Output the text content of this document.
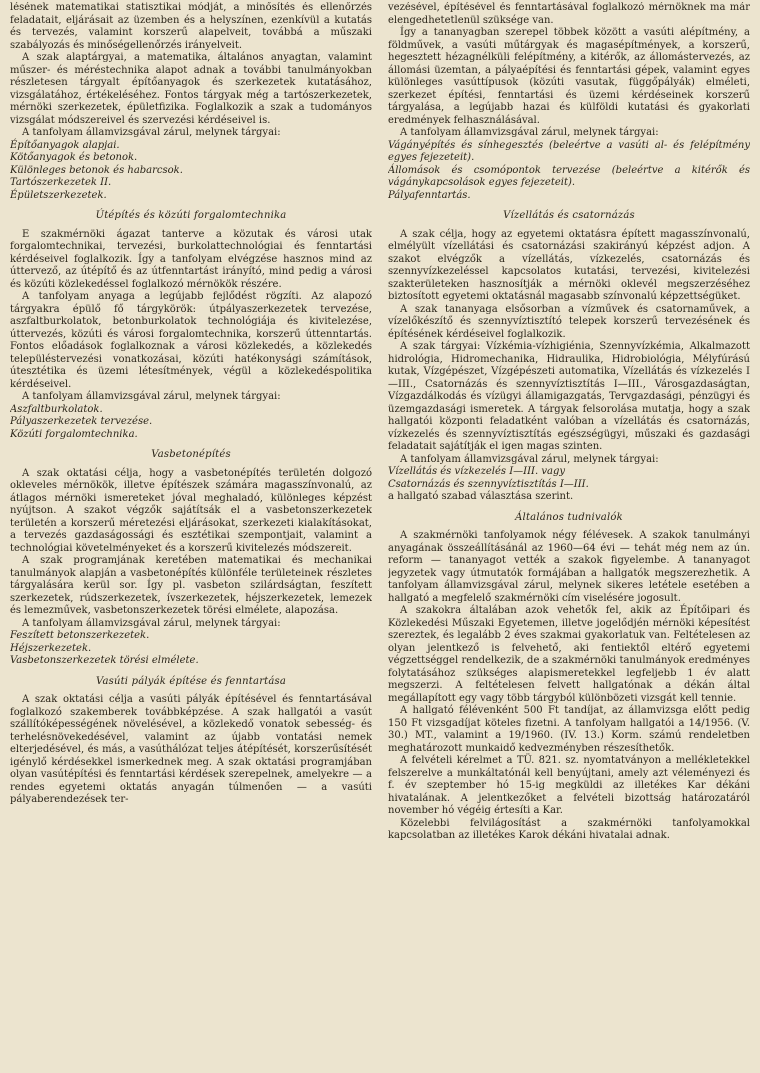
lésének matematikai statisztikai módját, a minősítés és ellenőrzés feladatait, eljárásait az üzemben és a helyszínen, ezenkívül a kutatás és tervezés, valamint korszerű alapelveit, továbbá a műszaki szabályozás és minőségellenőrzés irányelveit.

A szak alaptárgyai, a matematika, általános anyagtan, valamint műszer- és méréstechnika alapot adnak a további tanulmányokban részletesen tárgyalt építőanyagok és szerkezetek kutatásához, vizsgálatához, értékeléséhez. Fontos tárgyak még a tartószerkezetek, mérnöki szerkezetek, épületfizika. Foglalkozik a szak a tudományos vizsgálat módszereivel és szervezési kérdéseivel is.

A tanfolyam államvizsgával zárul, melynek tárgyai:

Építőanyagok alapjai.

Kötőanyagok és betonok.

Különleges betonok és habarcsok.

Tartószerkezetek II.

Épületszerkezetek.

Útépítés és közúti forgalomtechnika

E szakmérnöki ágazat tanterve a közutak és városi utak forgalomtechnikai, tervezési, burkolattechnológiai és fenntartási kérdéseivel foglalkozik. Így a tanfolyam elvégzése hasznos mind az úttervező, az útépítő és az útfenntartást irányító, mind pedig a városi és közúti közlekedéssel foglalkozó mérnökök részére.

A tanfolyam anyaga a legújabb fejlődést rögzíti. Az alapozó tárgyakra épülő fő tárgykörök: útpályaszerkezetek tervezése, aszfaltburkolatok, betonburkolatok technológiája és kivitelezése, úttervezés, közúti és városi forgalomtechnika, korszerű úttenntartás. Fontos előadások foglalkoznak a városi közlekedés, a közlekedés településtervezési vonatkozásai, közúti hatékonysági számítások, útesztétika és üzemi létesítmények, végül a közlekedéspolitika kérdéseivel.

A tanfolyam államvizsgával zárul, melynek tárgyai:

Aszfaltburkolatok.

Pályaszerkezetek tervezése.

Közúti forgalomtechnika.

Vasbetonépítés

A szak oktatási célja, hogy a vasbetonépítés területén dolgozó okleveles mérnökök, illetve építészek számára magasszínvonalú, az átlagos mérnöki ismereteket jóval meghaladó, különleges képzést nyújtson. A szakot végzők sajátítsák el a vasbetonszerkezetek területén a korszerű méretezési eljárásokat, szerkezeti kialakításokat, a tervezés gazdaságossági és esztétikai szempontjait, valamint a technológiai követelményeket és a korszerű kivitelezés módszereit.

A szak programjának keretében matematikai és mechanikai tanulmányok alapján a vasbetonépítés különféle területeinek részletes tárgyalására kerül sor. Így pl. vasbeton szilárdságtan, feszített szerkezetek, rúdszerkezetek, ívszerkezetek, héjszerkezetek, lemezek és lemezművek, vasbetonszerkezetek törési elmélete, alapozása.

A tanfolyam államvizsgával zárul, melynek tárgyai:

Feszített betonszerkezetek.

Héjszerkezetek.

Vasbetonszerkezetek törési elmélete.

Vasúti pályák építése és fenntartása

A szak oktatási célja a vasúti pályák építésével és fenntartásával foglalkozó szakemberek továbbképzése. A szak hallgatói a vasút szállítóképességének növelésével, a közlekedő vonatok sebesség- és terhelésnövekedésével, valamint az újabb vontatási nemek elterjedésével, és más, a vasúthálózat teljes átépítését, korszerűsítését igénylő kérdésekkel ismerkednek meg. A szak oktatási programjában olyan vasútépítési és fenntartási kérdések szerepelnek, amelyekre — a rendes egyetemi oktatás anyagán túlmenően — a vasúti pályaberendezések ter-

vezésével, építésével és fenntartásával foglalkozó mérnöknek ma már elengedhetetlenül szüksége van.

Így a tananyagban szerepel többek között a vasúti alépítmény, a földművek, a vasúti műtárgyak és magasépítmények, a korszerű, hegesztett hézagnélküli felépítmény, a kitérők, az állomástervezés, az állomási üzemtan, a pályaépítési és fenntartási gépek, valamint egyes különleges vasúttípusok (közúti vasutak, függőpályák) elméleti, szerkezet építési, fenntartási és üzemi kérdéseinek korszerű tárgyalása, a legújabb hazai és külföldi kutatási és gyakorlati eredmények felhasználásával.

A tanfolyam államvizsgával zárul, melynek tárgyai:

Vágányépítés és sínhegesztés (beleértve a vasúti al- és felépítmény egyes fejezeteit).

Állomások és csomópontok tervezése (beleértve a kitérők és vágánykapcsolások egyes fejezeteit).

Pályafenntartás.

Vízellátás és csatornázás

A szak célja, hogy az egyetemi oktatásra épített magasszínvonalú, elmélyült vízellátási és csatornázási szakirányú képzést adjon. A szakot elvégzők a vízellátás, vízkezelés, csatornázás és szennyvízkezeléssel kapcsolatos kutatási, tervezési, kivitelezési szakterületeken hasznosítják a mérnöki oklevél megszerzéséhez biztosított egyetemi oktatásnál magasabb színvonalú képzettségüket.

A szak tananyaga elsősorban a vízművek és csatornaművek, a vízelőkészítő és szennyvíztisztító telepek korszerű tervezésének és építésének kérdéseivel foglalkozik.

A szak tárgyai: Vízkémia-vízhigiénia, Szennyvízkémia, Alkalmazott hidrológia, Hidromechanika, Hidraulika, Hidrobiológia, Mélyfúrású kutak, Vízgépészet, Vízgépészeti automatika, Vízellátás és vízkezelés I—III., Csatornázás és szennyvíztisztítás I—III., Városgazdaságtan, Vízgazdálkodás és vízügyi államigazgatás, Tervgazdasági, pénzügyi és üzemgazdasági ismeretek. A tárgyak felsorolása mutatja, hogy a szak hallgatói központi feladatként valóban a vízellátás és csatornázás, vízkezelés és szennyvíztisztítás egészségügyi, műszaki és gazdasági feladatait sajátítják el igen magas szinten.

A tanfolyam államvizsgával zárul, melynek tárgyai:

Vízellátás és vízkezelés I—III. vagy

Csatornázás és szennyvíztisztítás I—III.

a hallgató szabad választása szerint.

Általános tudnivalók

A szakmérnöki tanfolyamok négy félévesek. A szakok tanulmányi anyagának összeállításánál az 1960—64 évi — tehát még nem az ún. reform — tananyagot vették a szakok figyelembe. A tananyagot jegyzetek vagy útmutatók formájában a hallgatók megszerezhetik. A tanfolyam államvizsgával zárul, melynek sikeres letétele esetében a hallgató a megfelelő szakmérnöki cím viselésére jogosult.

A szakokra általában azok vehetők fel, akik az Építőipari és Közlekedési Műszaki Egyetemen, illetve jogelődjén mérnöki képesítést szereztek, és legalább 2 éves szakmai gyakorlatuk van. Feltételesen az olyan jelentkező is felvehető, aki fentiektől eltérő egyetemi végzettséggel rendelkezik, de a szakmérnöki tanulmányok eredményes folytatásához szükséges alapismeretekkel legfeljebb 1 év alatt megszerzi. A feltételesen felvett hallgatónak a dékán által megállapított egy vagy több tárgyból különbözeti vizsgát kell tennie.

A hallgató félévenként 500 Ft tandíjat, az államvizsga előtt pedig 150 Ft vizsgadíjat köteles fizetni. A tanfolyam hallgatói a 14/1956. (V. 30.) MT., valamint a 19/1960. (IV. 13.) Korm. számú rendeletben meghatározott munkaidő kedvezményben részesíthetők.

A felvételi kérelmet a TÜ. 821. sz. nyomtatványon a mellékletekkel felszerelve a munkáltatónál kell benyújtani, amely azt véleményezi és f. év szeptember hó 15-ig megküldi az illetékes Kar dékáni hivatalának. A jelentkezőket a felvételi bizottság határozatáról november hó végéig értesíti a Kar.

Közelebbi felvilágosítást a szakmérnöki tanfolyamokkal kapcsolatban az illetékes Karok dékáni hivatalai adnak.
